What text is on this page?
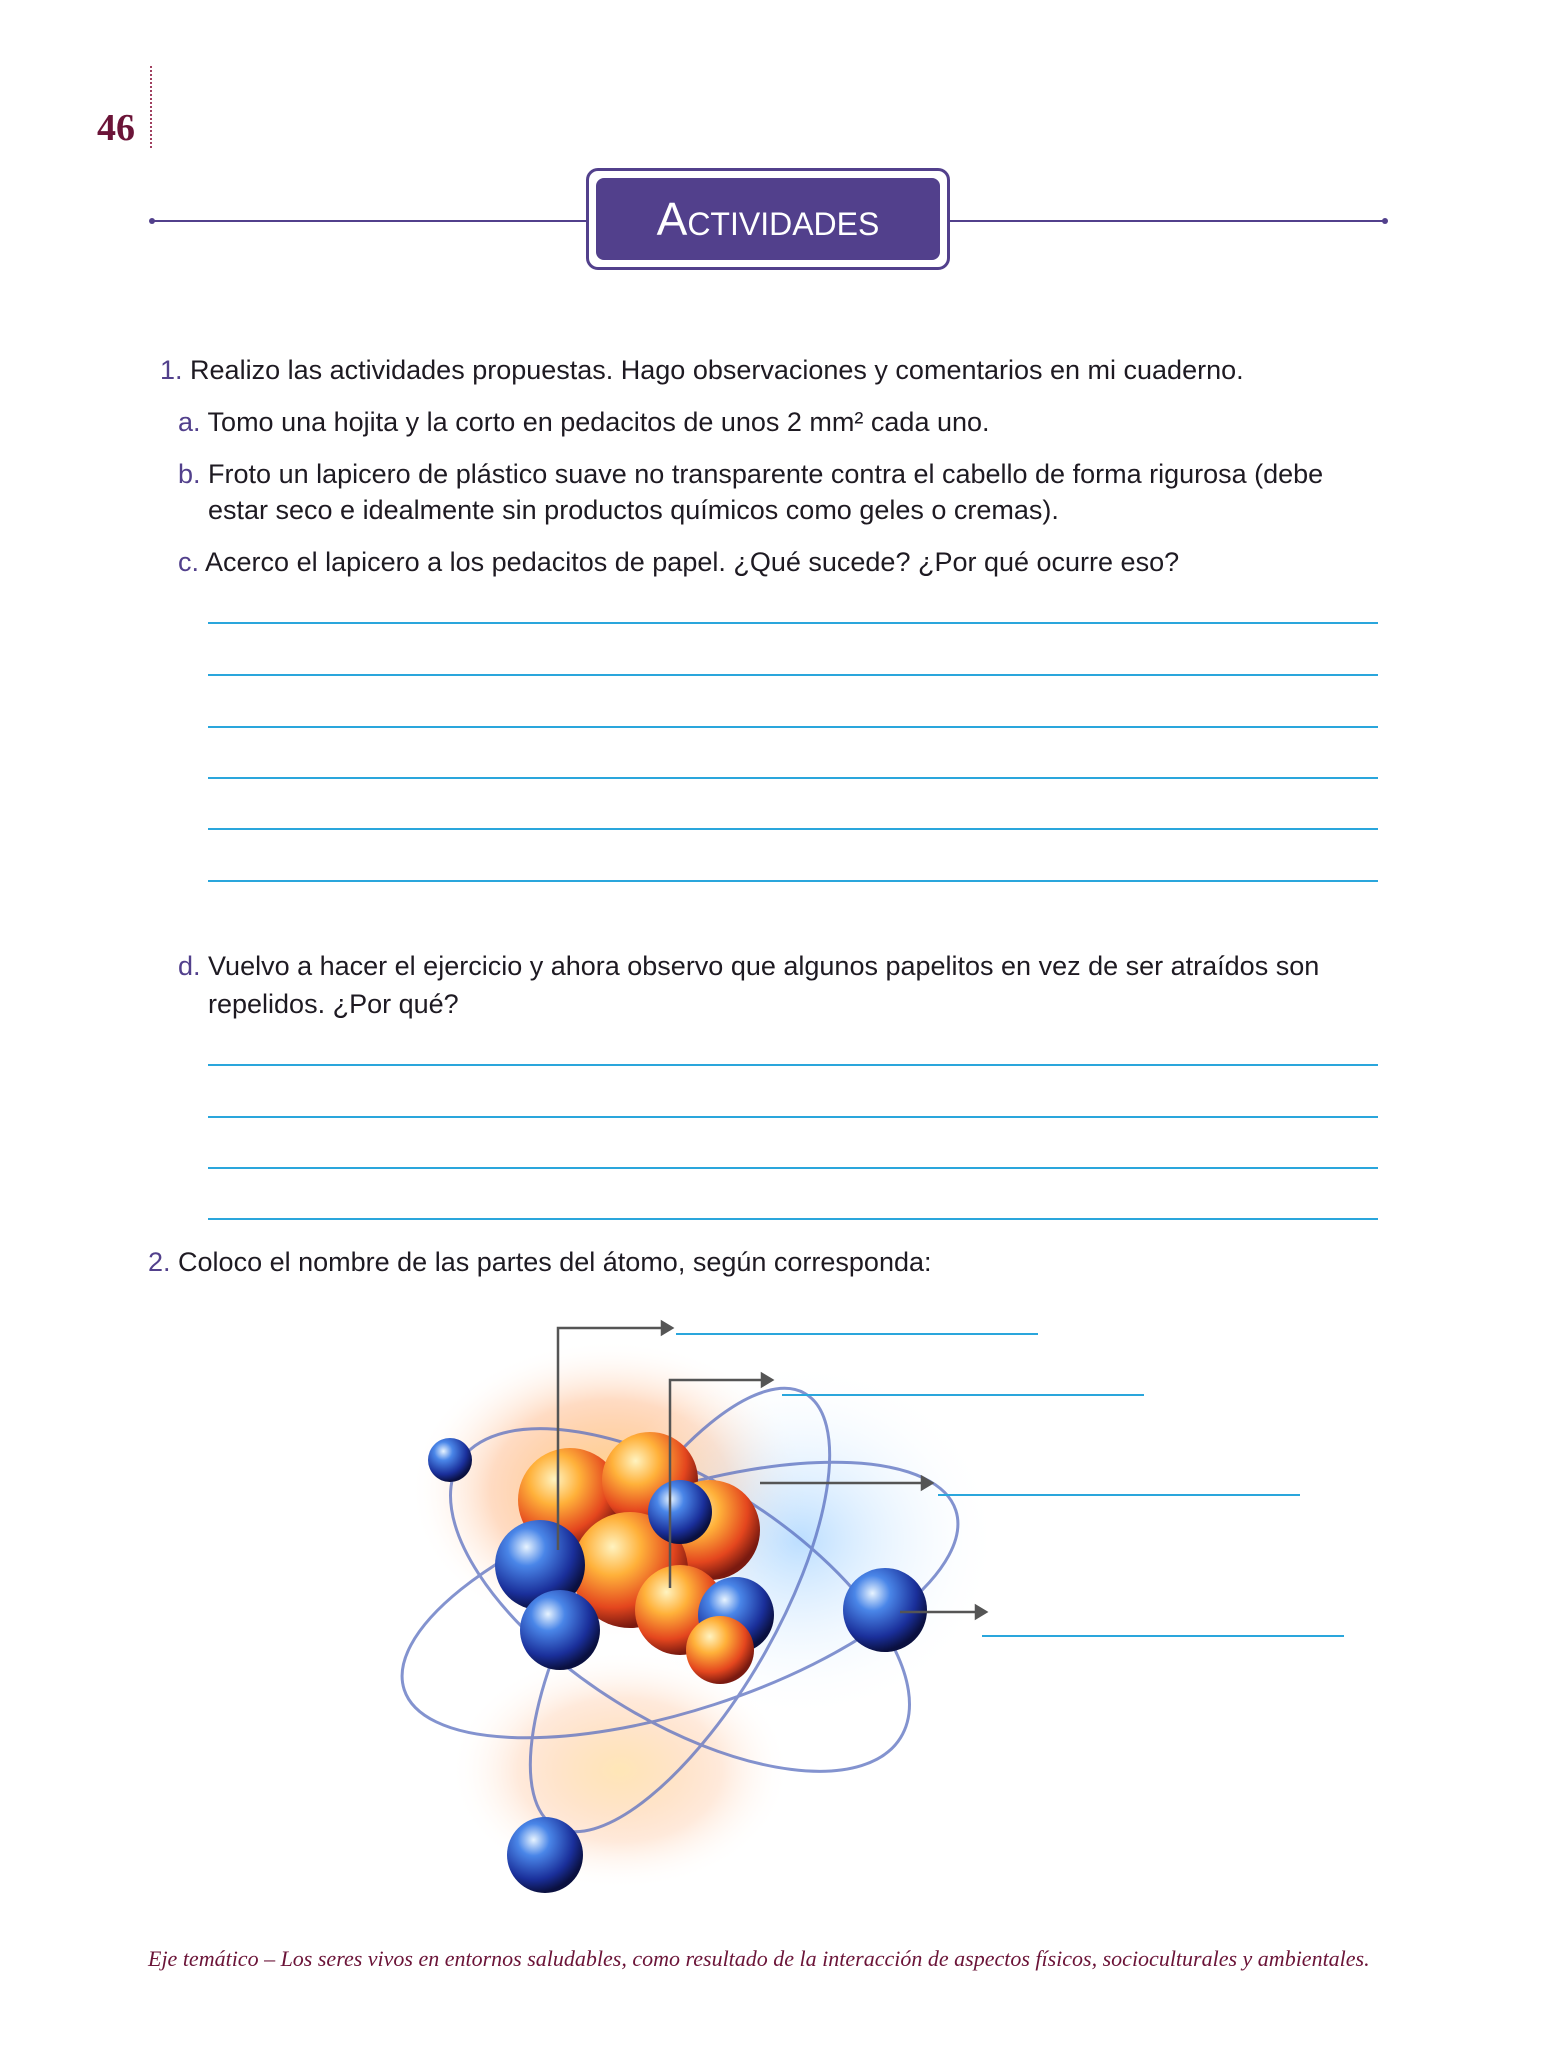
46
Actividades
1. Realizo las actividades propuestas. Hago observaciones y comentarios en mi cuaderno.
a. Tomo una hojita y la corto en pedacitos de unos 2 mm² cada uno.
b. Froto un lapicero de plástico suave no transparente contra el cabello de forma rigurosa (debe
estar seco e idealmente sin productos químicos como geles o cremas).
c. Acerco el lapicero a los pedacitos de papel. ¿Qué sucede? ¿Por qué ocurre eso?
d. Vuelvo a hacer el ejercicio y ahora observo que algunos papelitos en vez de ser atraídos son
repelidos. ¿Por qué?
2. Coloco el nombre de las partes del átomo, según corresponda:
Eje temático – Los seres vivos en entornos saludables, como resultado de la interacción de aspectos físicos, socioculturales y ambientales.
